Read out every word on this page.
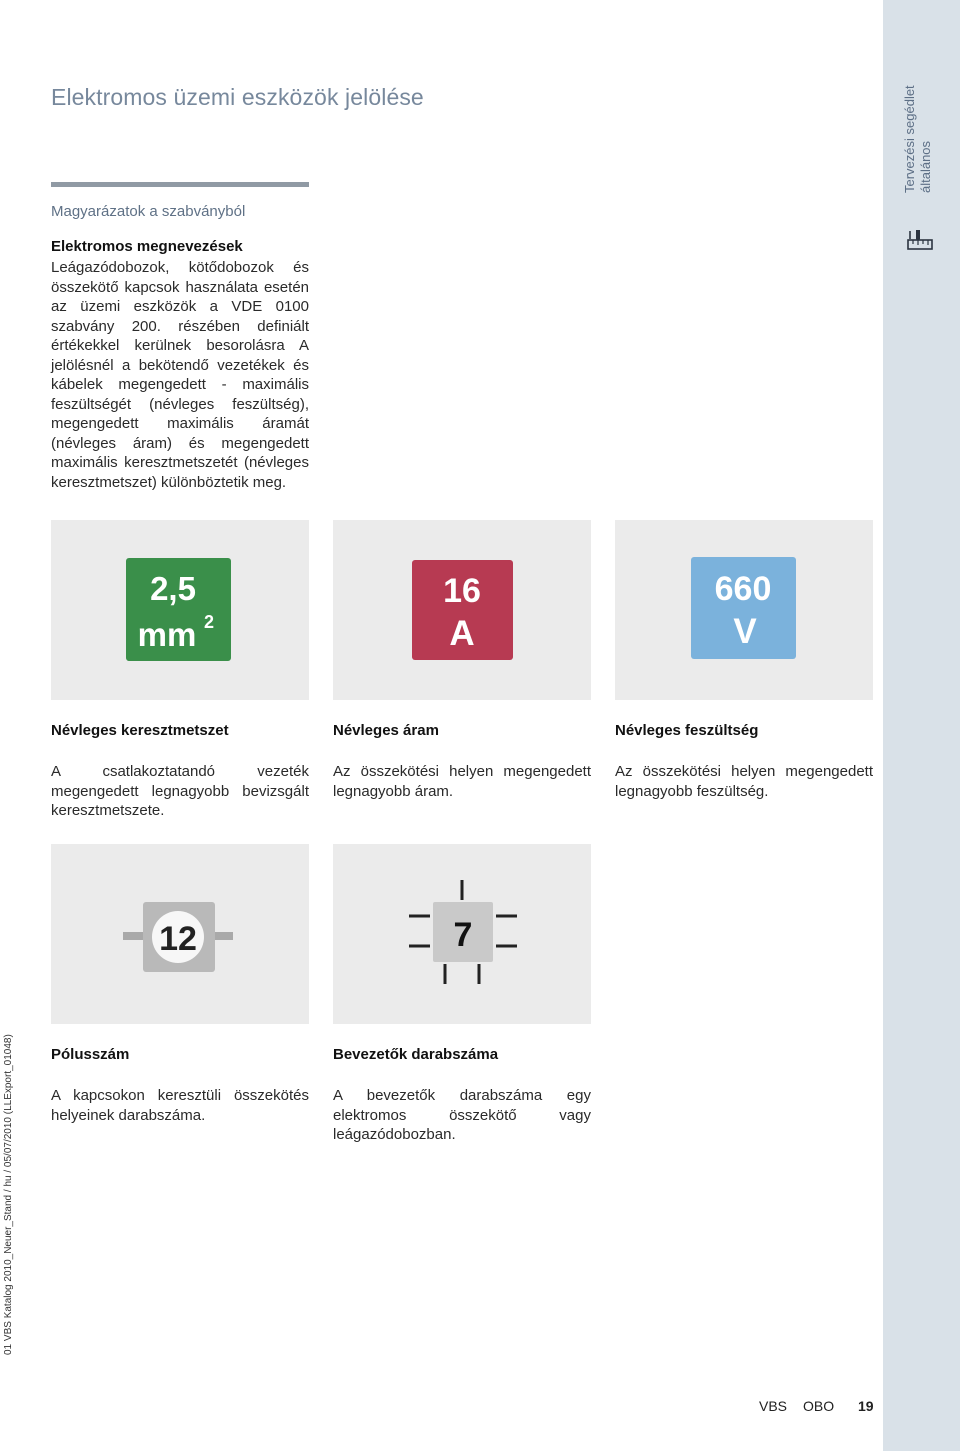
Tervezési segédlet általános
Elektromos üzemi eszközök jelölése
Magyarázatok a szabványból
Elektromos megnevezések
Leágazódobozok, kötődobozok és összekötő kapcsok használata esetén az üzemi eszközök a VDE 0100 szabvány 200. részében definiált értékekkel kerülnek besorolásra A jelölésnél a bekötendő vezetékek és kábelek megengedett - maximális feszültségét (névleges feszültség), megengedett maximális áramát (névleges áram) és megengedett maximális keresztmetszetét (névleges keresztmetszet) különböztetik meg.
2,5
mm 2
Névleges keresztmetszet
A csatlakoztatandó vezeték megengedett legnagyobb bevizsgált keresztmetszete.
16
A
Névleges áram
Az összekötési helyen megengedett legnagyobb áram.
660
V
Névleges feszültség
Az összekötési helyen megengedett legnagyobb feszültség.
12
Pólusszám
A kapcsokon keresztüli összekötés helyeinek darabszáma.
7
Bevezetők darabszáma
A bevezetők darabszáma egy elektromos összekötő vagy leágazódobozban.
01 VBS Katalog 2010_Neuer_Stand / hu / 05/07/2010 (LLExport_01048)
VBS OBO 19
